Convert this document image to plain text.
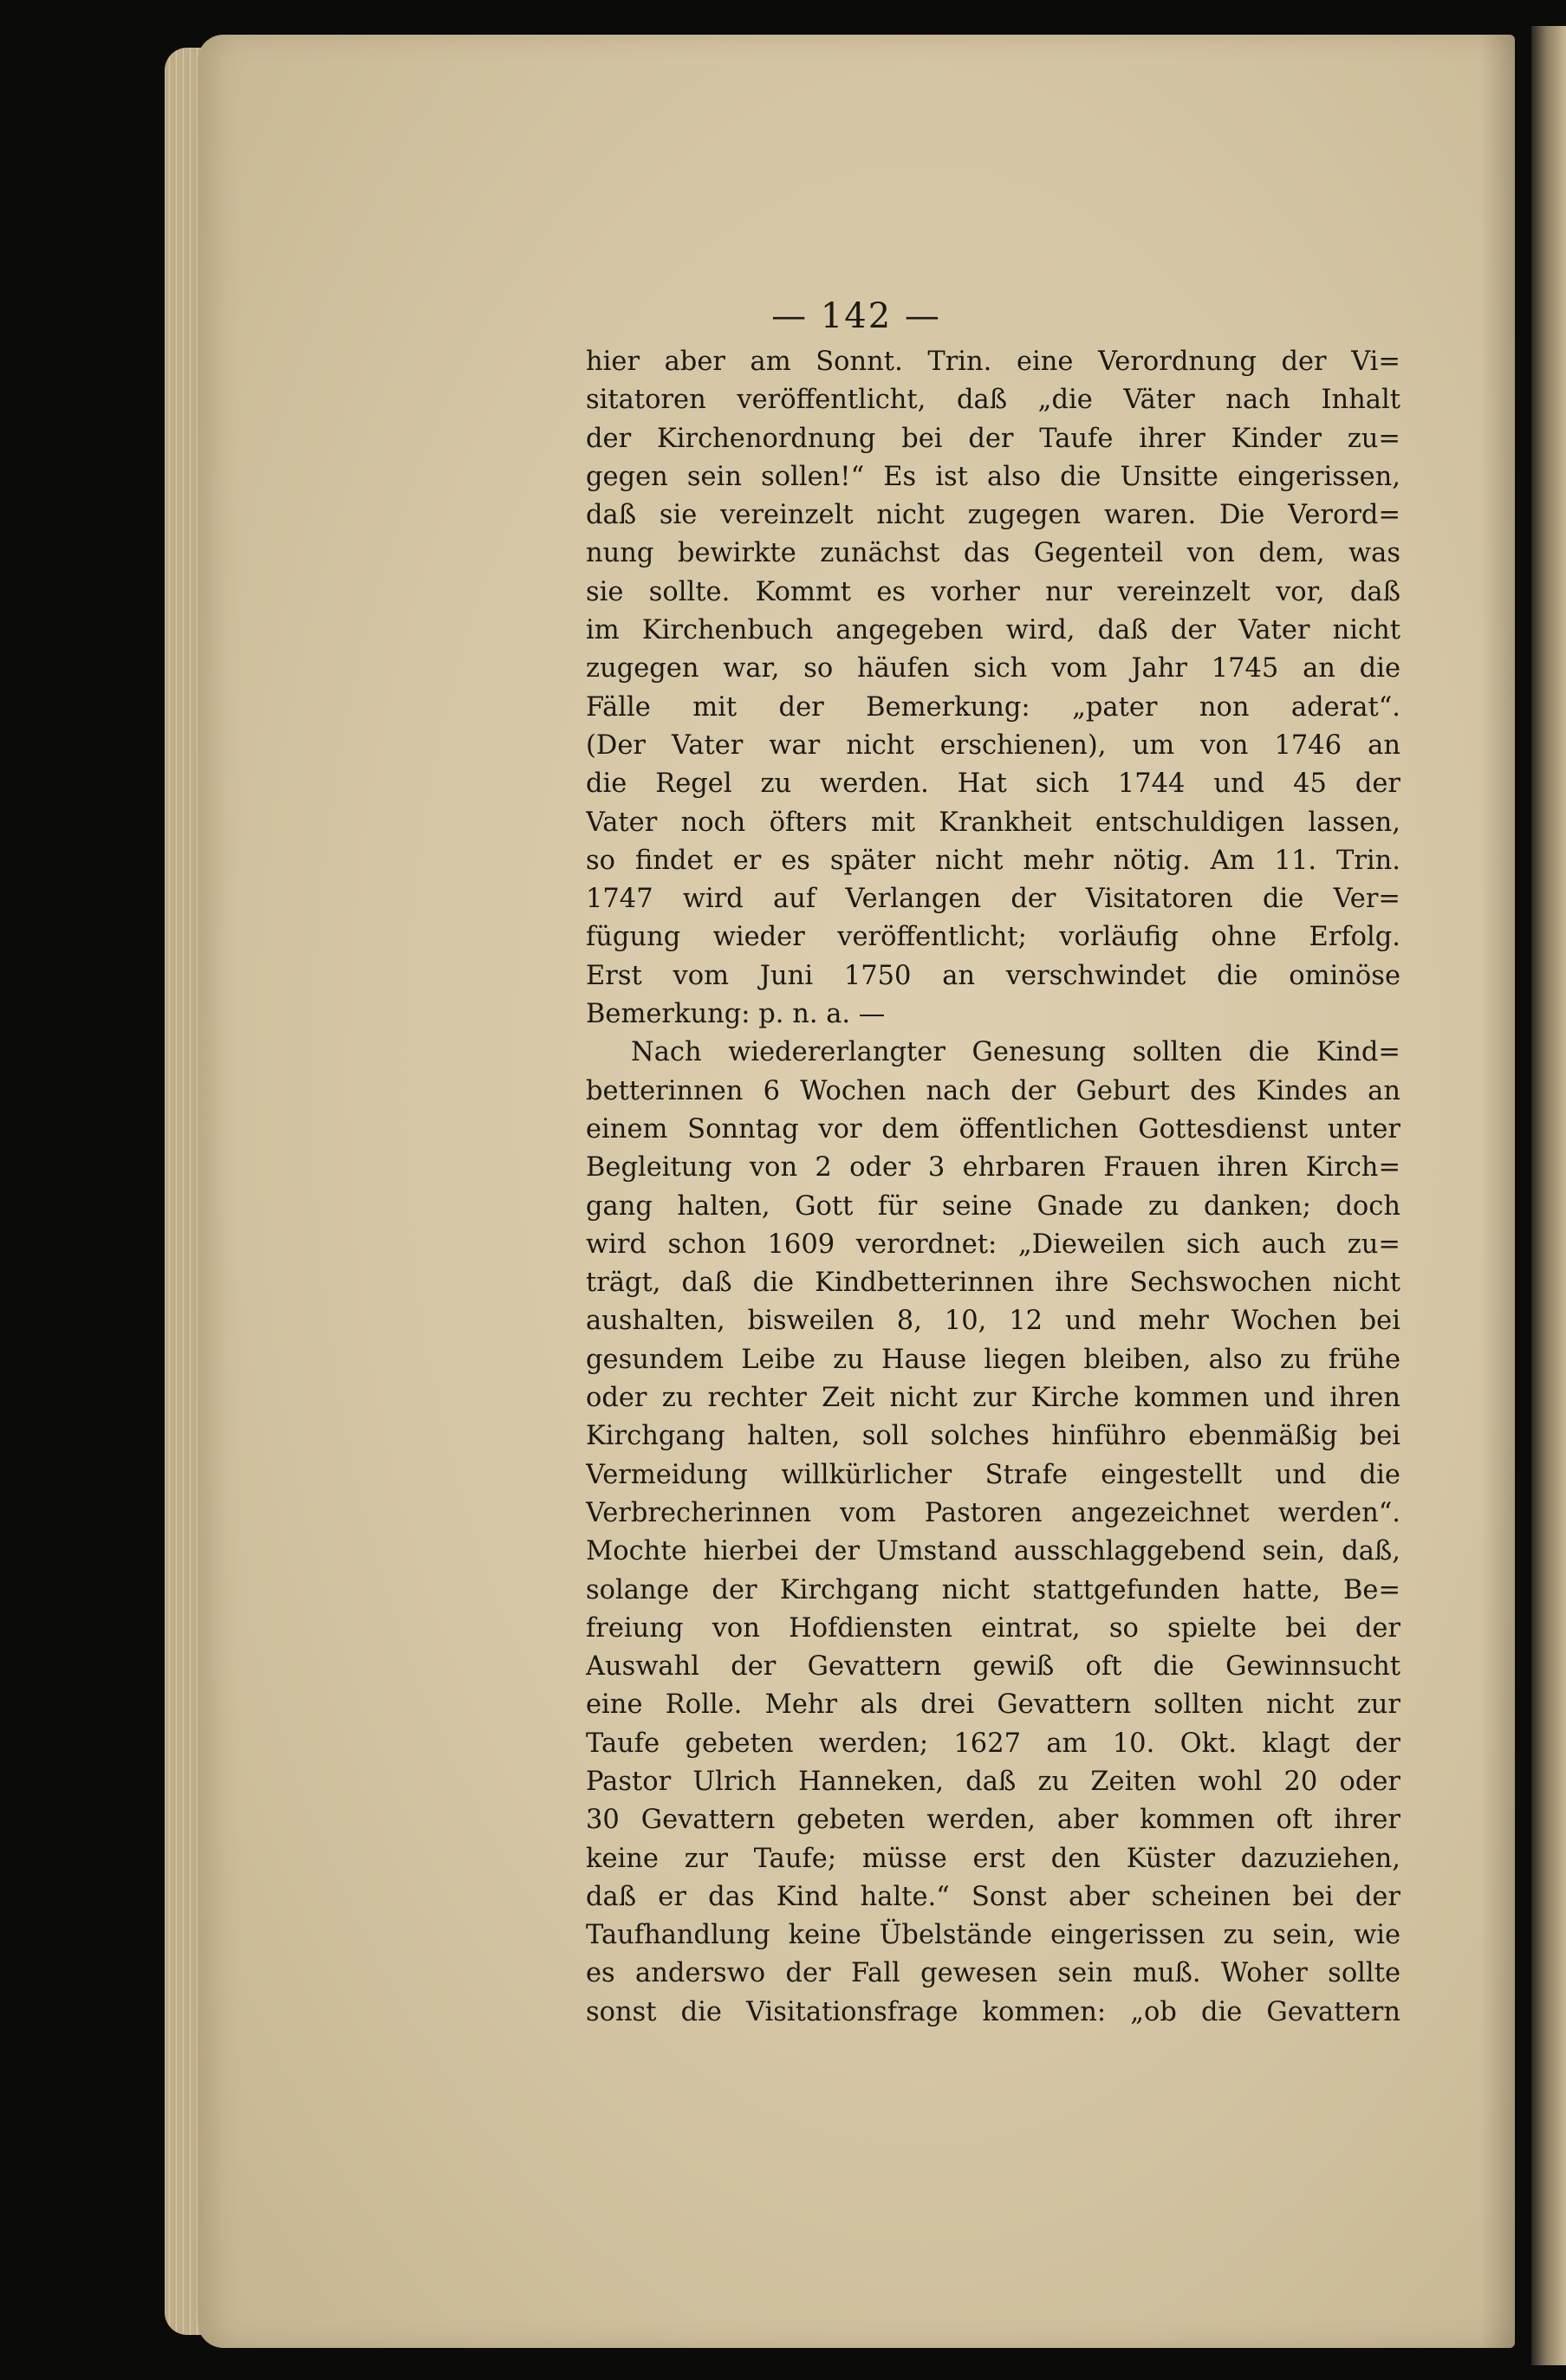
— 142 —
hier aber am Sonnt. Trin. eine Verordnung der Vi=
sitatoren veröffentlicht, daß „die Väter nach Inhalt
der Kirchenordnung bei der Taufe ihrer Kinder zu=
gegen sein sollen!“ Es ist also die Unsitte eingerissen,
daß sie vereinzelt nicht zugegen waren. Die Verord=
nung bewirkte zunächst das Gegenteil von dem, was
sie sollte. Kommt es vorher nur vereinzelt vor, daß
im Kirchenbuch angegeben wird, daß der Vater nicht
zugegen war, so häufen sich vom Jahr 1745 an die
Fälle mit der Bemerkung: „pater non aderat“.
(Der Vater war nicht erschienen), um von 1746 an
die Regel zu werden. Hat sich 1744 und 45 der
Vater noch öfters mit Krankheit entschuldigen lassen,
so findet er es später nicht mehr nötig. Am 11. Trin.
1747 wird auf Verlangen der Visitatoren die Ver=
fügung wieder veröffentlicht; vorläufig ohne Erfolg.
Erst vom Juni 1750 an verschwindet die ominöse
Bemerkung: p. n. a. —
Nach wiedererlangter Genesung sollten die Kind=
betterinnen 6 Wochen nach der Geburt des Kindes an
einem Sonntag vor dem öffentlichen Gottesdienst unter
Begleitung von 2 oder 3 ehrbaren Frauen ihren Kirch=
gang halten, Gott für seine Gnade zu danken; doch
wird schon 1609 verordnet: „Dieweilen sich auch zu=
trägt, daß die Kindbetterinnen ihre Sechswochen nicht
aushalten, bisweilen 8, 10, 12 und mehr Wochen bei
gesundem Leibe zu Hause liegen bleiben, also zu frühe
oder zu rechter Zeit nicht zur Kirche kommen und ihren
Kirchgang halten, soll solches hinführo ebenmäßig bei
Vermeidung willkürlicher Strafe eingestellt und die
Verbrecherinnen vom Pastoren angezeichnet werden“.
Mochte hierbei der Umstand ausschlaggebend sein, daß,
solange der Kirchgang nicht stattgefunden hatte, Be=
freiung von Hofdiensten eintrat, so spielte bei der
Auswahl der Gevattern gewiß oft die Gewinnsucht
eine Rolle. Mehr als drei Gevattern sollten nicht zur
Taufe gebeten werden; 1627 am 10. Okt. klagt der
Pastor Ulrich Hanneken, daß zu Zeiten wohl 20 oder
30 Gevattern gebeten werden, aber kommen oft ihrer
keine zur Taufe; müsse erst den Küster dazuziehen,
daß er das Kind halte.“ Sonst aber scheinen bei der
Taufhandlung keine Übelstände eingerissen zu sein, wie
es anderswo der Fall gewesen sein muß. Woher sollte
sonst die Visitationsfrage kommen: „ob die Gevattern
